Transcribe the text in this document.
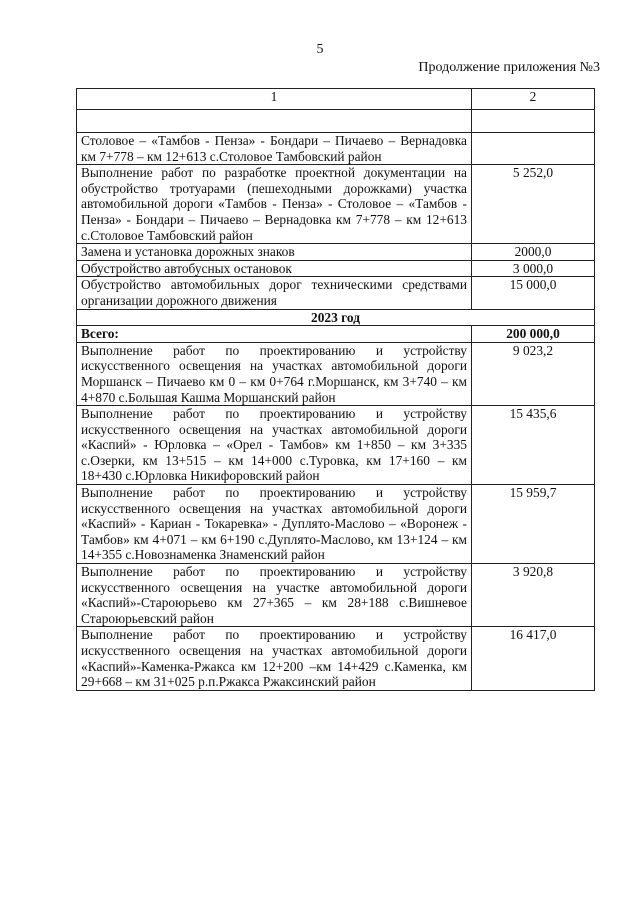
5
Продолжение приложения №3
1	2

Столовое – «Тамбов - Пенза» - Бондари – Пичаево – Вернадовка км 7+778 – км 12+613 с.Столовое Тамбовский район	
Выполнение работ по разработке проектной документации на обустройство тротуарами (пешеходными дорожками) участка автомобильной дороги «Тамбов - Пенза» - Столовое – «Тамбов - Пенза» - Бондари – Пичаево – Вернадовка км 7+778 – км 12+613 с.Столовое Тамбовский район	5 252,0
Замена и установка дорожных знаков	2000,0
Обустройство автобусных остановок	3 000,0
Обустройство автомобильных дорог техническими средствами организации дорожного движения	15 000,0
2023 год	
Всего:	200 000,0
Выполнение работ по проектированию и устройству искусственного освещения на участках автомобильной дороги Моршанск – Пичаево км 0 – км 0+764 г.Моршанск, км 3+740 – км 4+870 с.Большая Кашма Моршанский район	9 023,2
Выполнение работ по проектированию и устройству искусственного освещения на участках автомобильной дороги «Каспий» - Юрловка – «Орел - Тамбов» км 1+850 – км 3+335 с.Озерки, км 13+515 – км 14+000 с.Туровка, км 17+160 – км 18+430 с.Юрловка Никифоровский район	15 435,6
Выполнение работ по проектированию и устройству искусственного освещения на участках автомобильной дороги «Каспий» - Кариан - Токаревка» - Дуплято-Маслово – «Воронеж - Тамбов» км 4+071 – км 6+190 с.Дуплято-Маслово, км 13+124 – км 14+355 с.Новознаменка Знаменский район	15 959,7
Выполнение работ по проектированию и устройству искусственного освещения на участке автомобильной дороги «Каспий»-Староюрьево км 27+365 – км 28+188 с.Вишневое Староюрьевский район	3 920,8
Выполнение работ по проектированию и устройству искусственного освещения на участках автомобильной дороги «Каспий»-Каменка-Ржакса км 12+200 –км 14+429 с.Каменка, км 29+668 – км 31+025 р.п.Ржакса Ржаксинский район	16 417,0
